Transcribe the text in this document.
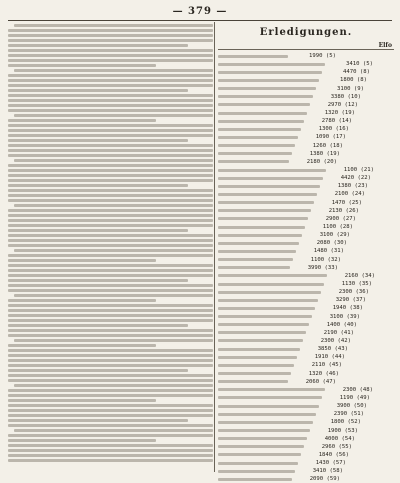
— 379 —
Erledigungen.
Elfo
1990 (5)
3410 (5)
4470 (8)
1800 (8)
3100 (9)
3380 (10)
2970 (12)
1320 (19)
2780 (14)
1300 (16)
1090 (17)
1260 (18)
1380 (19)
2180 (20)
1100 (21)
4420 (22)
1380 (23)
2100 (24)
1470 (25)
2130 (26)
2900 (27)
1100 (28)
3100 (29)
2080 (30)
1480 (31)
1100 (32)
3990 (33)
2160 (34)
1130 (35)
2300 (36)
3290 (37)
1940 (38)
3100 (39)
1400 (40)
2190 (41)
2300 (42)
3850 (43)
1910 (44)
2110 (45)
1320 (46)
2060 (47)
2300 (48)
1190 (49)
3900 (50)
2390 (51)
1800 (52)
1900 (53)
4000 (54)
2960 (55)
1840 (56)
1430 (57)
3410 (58)
2090 (59)
